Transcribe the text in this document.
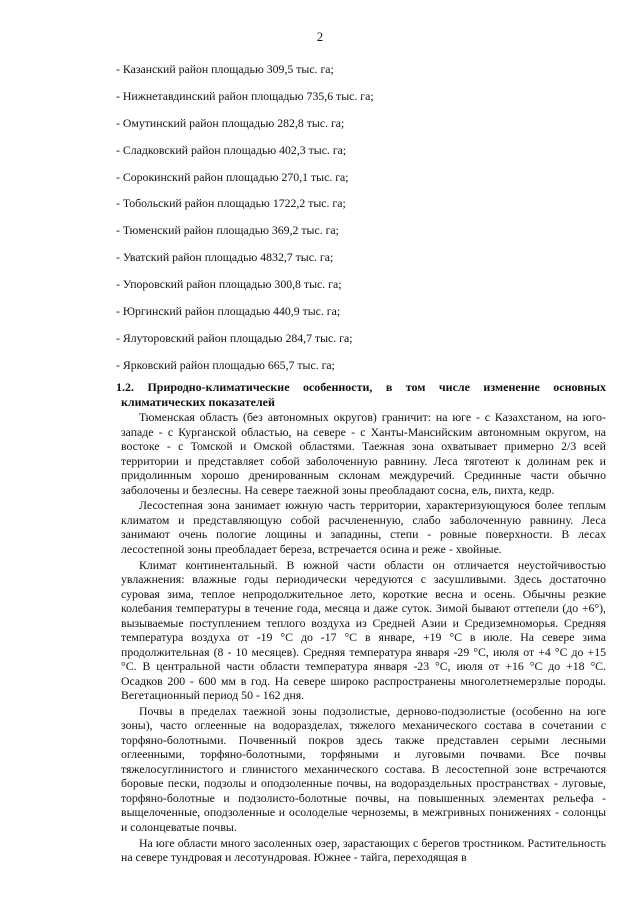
2
- Казанский район площадью 309,5 тыс. га;
- Нижнетавдинский район площадью 735,6 тыс. га;
- Омутинский район площадью 282,8 тыс. га;
- Сладковский район площадью 402,3 тыс. га;
- Сорокинский район площадью 270,1 тыс. га;
- Тобольский район площадью 1722,2 тыс. га;
- Тюменский район площадью 369,2 тыс. га;
- Уватский район площадью 4832,7 тыс. га;
- Упоровский район площадью 300,8 тыс. га;
- Юргинский район площадью 440,9 тыс. га;
- Ялуторовский район площадью 284,7 тыс. га;
- Ярковский район площадью 665,7 тыс. га;

1.2. Природно-климатические особенности, в том числе изменение основных климатических показателей

Тюменская область (без автономных округов) граничит: на юге - с Казахстаном, на юго-западе - с Курганской областью, на севере - с Ханты-Мансийским автономным округом, на востоке - с Томской и Омской областями. Таежная зона охватывает примерно 2/3 всей территории и представляет собой заболоченную равнину. Леса тяготеют к долинам рек и придолинным хорошо дренированным склонам междуречий. Срединные части обычно заболочены и безлесны. На севере таежной зоны преобладают сосна, ель, пихта, кедр.

Лесостепная зона занимает южную часть территории, характеризующуюся более теплым климатом и представляющую собой расчлененную, слабо заболоченную равнину. Леса занимают очень пологие лощины и западины, степи - ровные поверхности. В лесах лесостепной зоны преобладает береза, встречается осина и реже - хвойные.

Климат континентальный. В южной части области он отличается неустойчивостью увлажнения: влажные годы периодически чередуются с засушливыми. Здесь достаточно суровая зима, теплое непродолжительное лето, короткие весна и осень. Обычны резкие колебания температуры в течение года, месяца и даже суток. Зимой бывают оттепели (до +6°), вызываемые поступлением теплого воздуха из Средней Азии и Средиземноморья. Средняя температура воздуха от -19 °С до -17 °С в январе, +19 °С в июле. На севере зима продолжительная (8 - 10 месяцев). Средняя температура января -29 °С, июля от +4 °С до +15 °С. В центральной части области температура января -23 °С, июля от +16 °С до +18 °С. Осадков 200 - 600 мм в год. На севере широко распространены многолетнемерзлые породы. Вегетационный период 50 - 162 дня.

Почвы в пределах таежной зоны подзолистые, дерново-подзолистые (особенно на юге зоны), часто оглеенные на водоразделах, тяжелого механического состава в сочетании с торфяно-болотными. Почвенный покров здесь также представлен серыми лесными оглеенными, торфяно-болотными, торфяными и луговыми почвами. Все почвы тяжелосуглинистого и глинистого механического состава. В лесостепной зоне встречаются боровые пески, подзолы и оподзоленные почвы, на водораздельных пространствах - луговые, торфяно-болотные и подзолисто-болотные почвы, на повышенных элементах рельефа - выщелоченные, оподзоленные и осолоделые черноземы, в межгривных понижениях - солонцы и солонцеватые почвы.

На юге области много засоленных озер, зарастающих с берегов тростником. Растительность на севере тундровая и лесотундровая. Южнее - тайга, переходящая в
